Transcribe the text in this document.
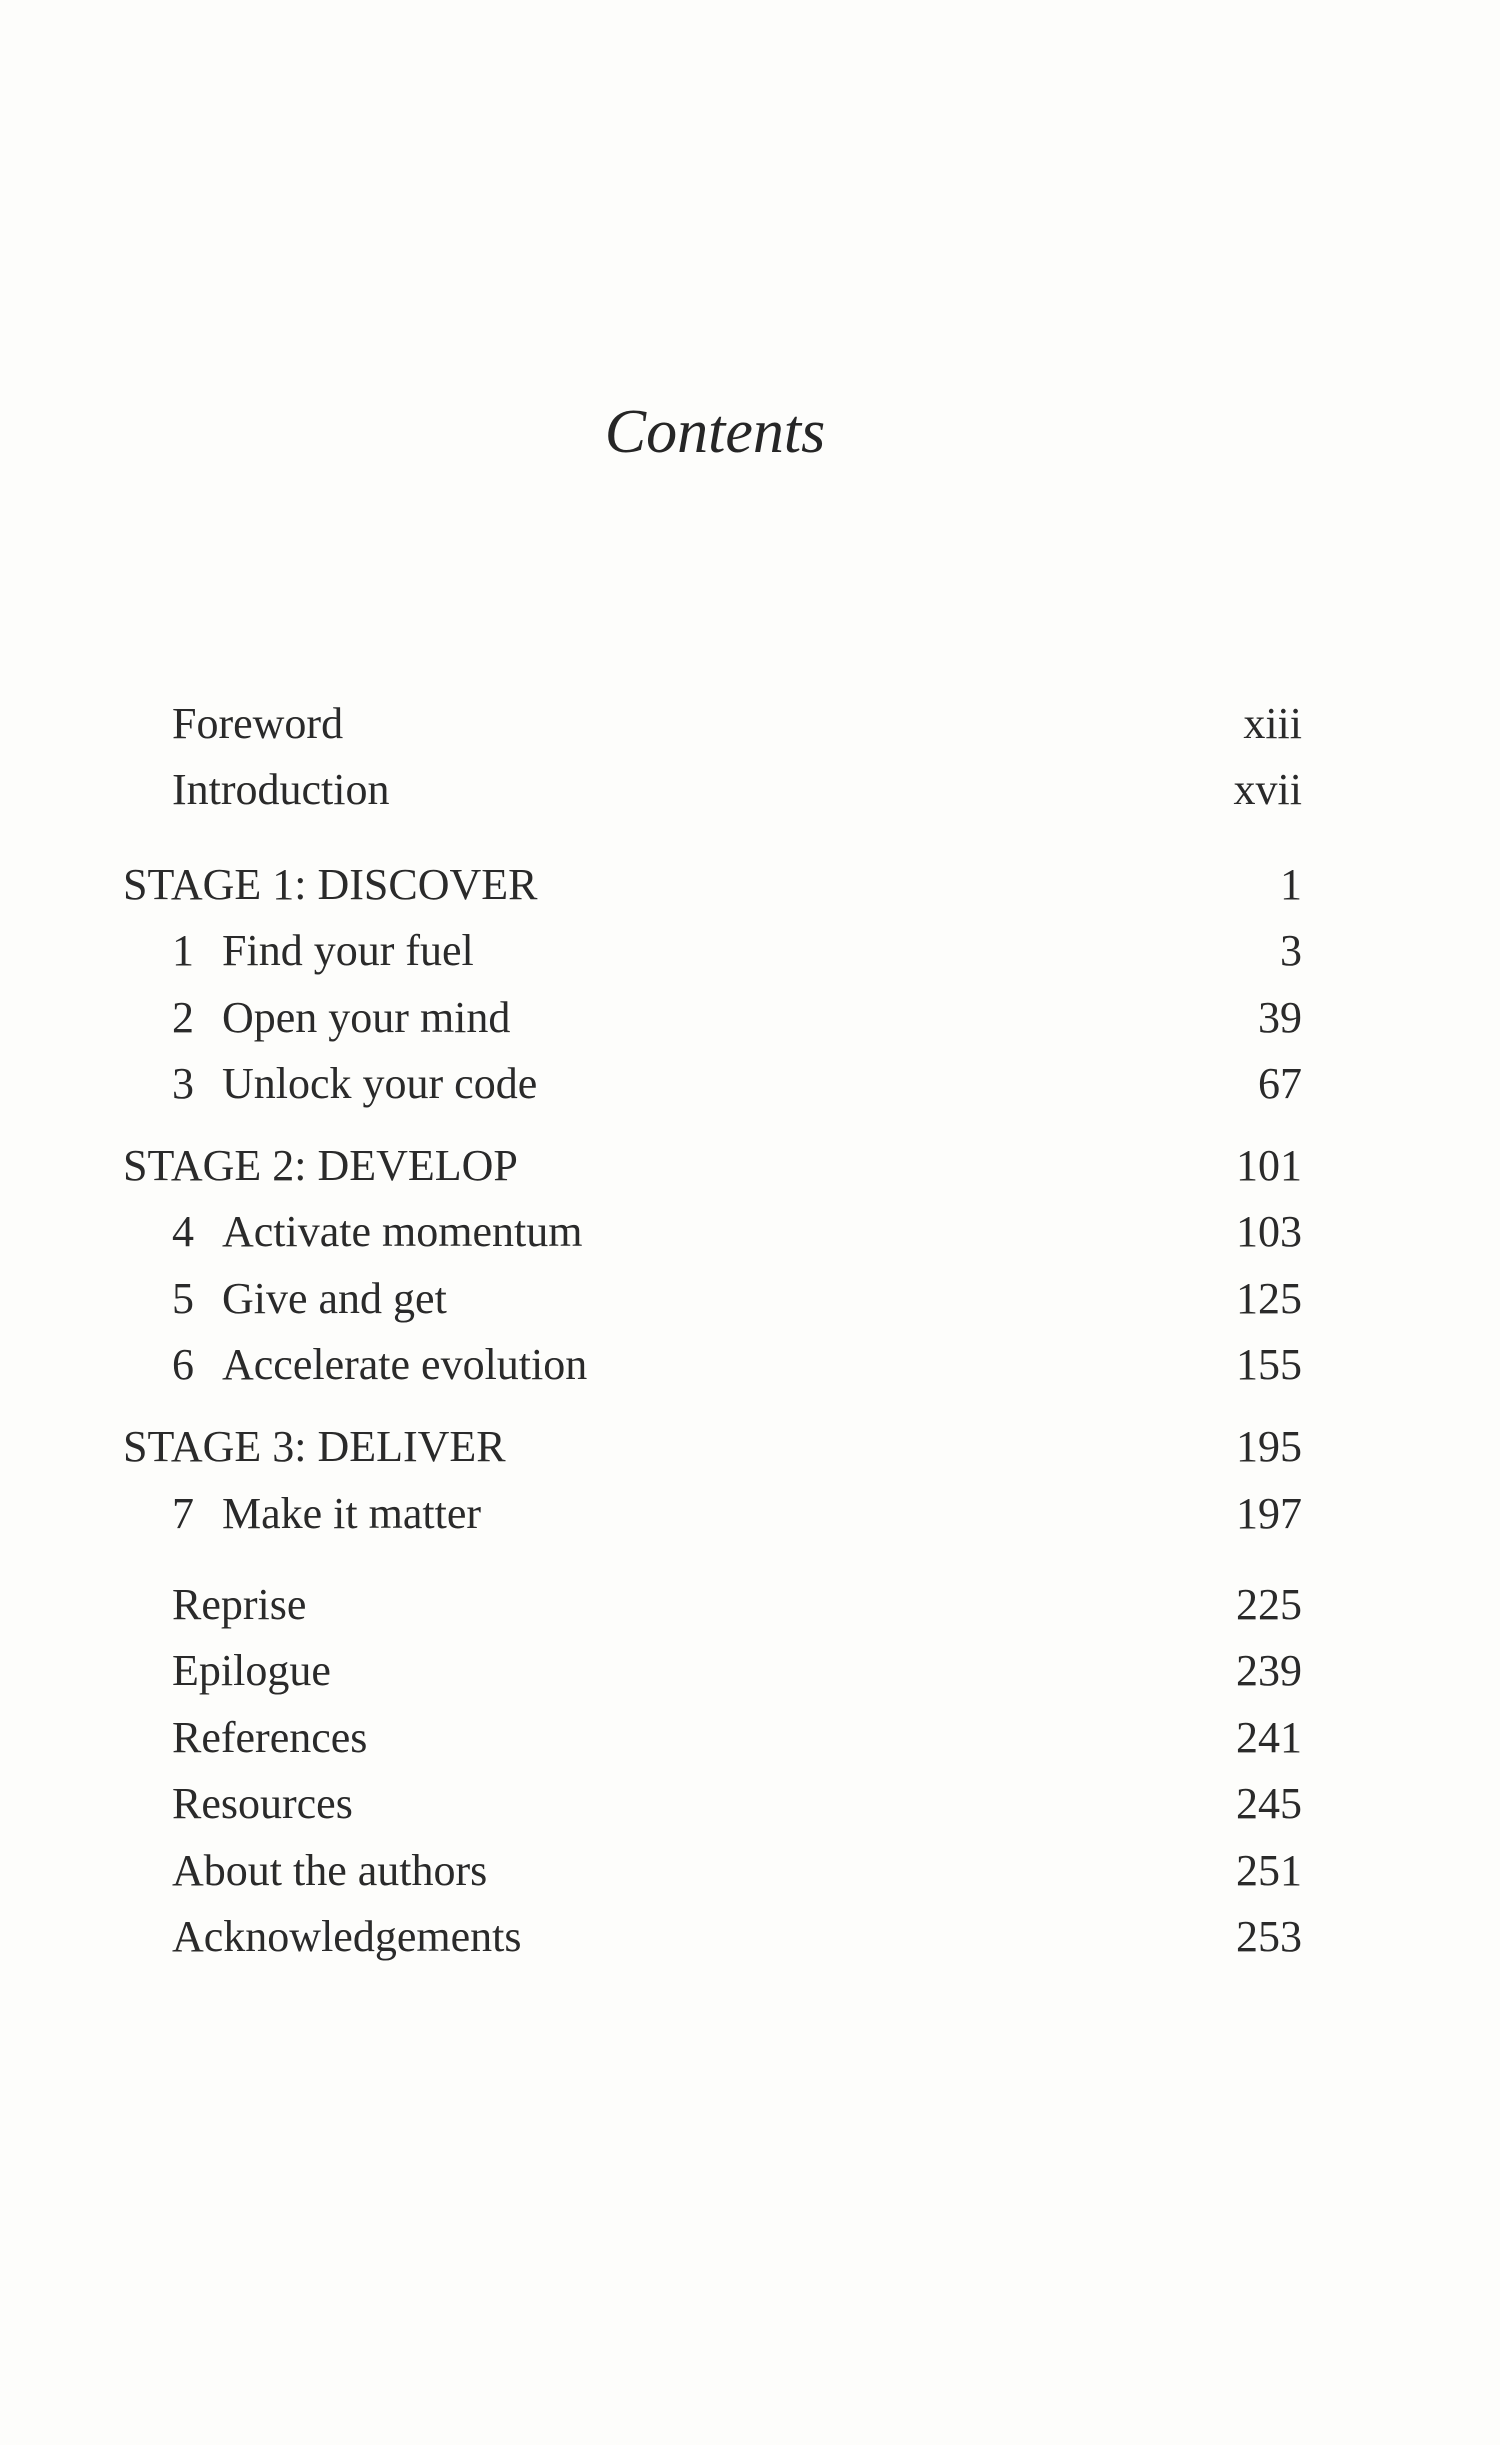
Contents
Foreword	xiii
Introduction	xvii
STAGE 1: DISCOVER	1
1 Find your fuel	3
2 Open your mind	39
3 Unlock your code	67
STAGE 2: DEVELOP	101
4 Activate momentum	103
5 Give and get	125
6 Accelerate evolution	155
STAGE 3: DELIVER	195
7 Make it matter	197
Reprise	225
Epilogue	239
References	241
Resources	245
About the authors	251
Acknowledgements	253
